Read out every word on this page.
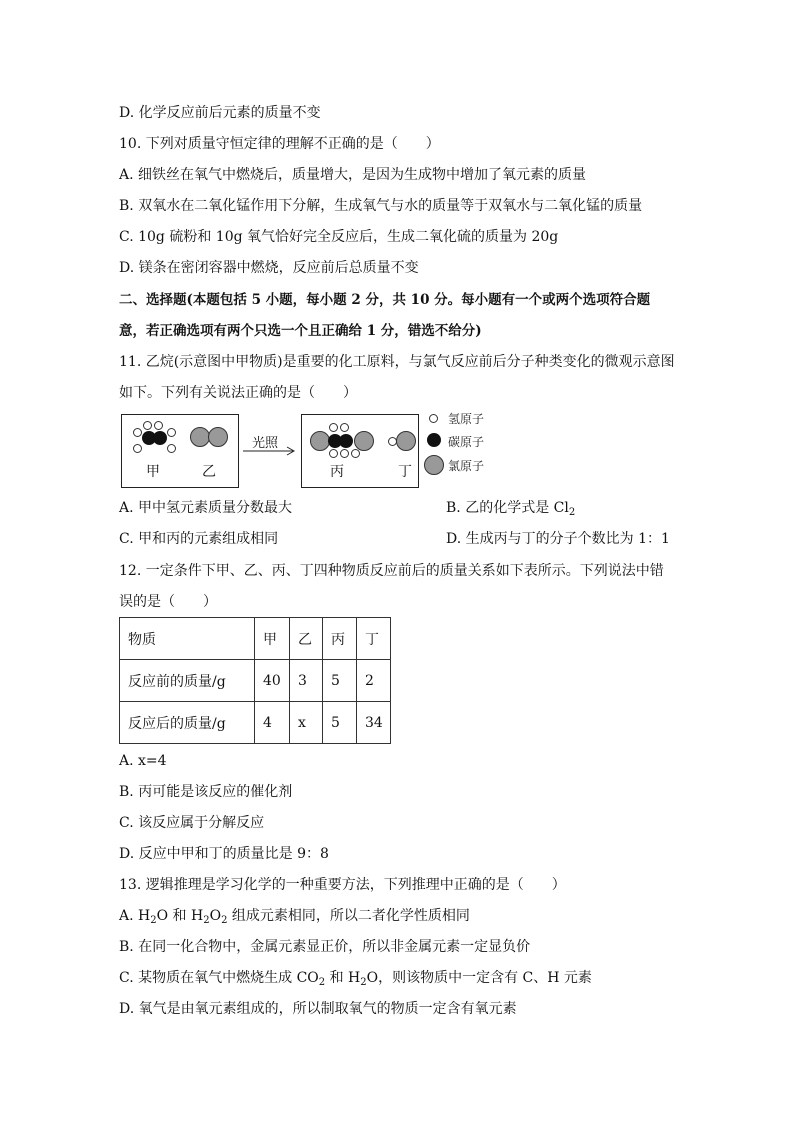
D. 化学反应前后元素的质量不变
10. 下列对质量守恒定律的理解不正确的是（　　）
A. 细铁丝在氧气中燃烧后，质量增大，是因为生成物中增加了氧元素的质量
B. 双氧水在二氧化锰作用下分解，生成氧气与水的质量等于双氧水与二氧化锰的质量
C. 10g 硫粉和 10g 氧气恰好完全反应后，生成二氧化硫的质量为 20g
D. 镁条在密闭容器中燃烧，反应前后总质量不变
二、选择题(本题包括 5 小题，每小题 2 分，共 10 分。每小题有一个或两个选项符合题
意，若正确选项有两个只选一个且正确给 1 分，错选不给分)
11. 乙烷(示意图中甲物质)是重要的化工原料，与氯气反应前后分子种类变化的微观示意图
如下。下列有关说法正确的是（　　）
甲	乙
光照
丙	丁
氢原子
碳原子
氯原子
A. 甲中氢元素质量分数最大	B. 乙的化学式是 $Cl_2$
C. 甲和丙的元素组成相同	D. 生成丙与丁的分子个数比为 1：1
12. 一定条件下甲、乙、丙、丁四种物质反应前后的质量关系如下表所示。下列说法中错
误的是（　　）
物质	甲	乙	丙	丁
反应前的质量/g	40	3	5	2
反应后的质量/g	4	x	5	34
A. x=4
B. 丙可能是该反应的催化剂
C. 该反应属于分解反应
D. 反应中甲和丁的质量比是 9：8
13. 逻辑推理是学习化学的一种重要方法，下列推理中正确的是（　　）
A. $H_2O$ 和 $H_2O_2$ 组成元素相同，所以二者化学性质相同
B. 在同一化合物中，金属元素显正价，所以非金属元素一定显负价
C. 某物质在氧气中燃烧生成 $CO_2$ 和 $H_2O$，则该物质中一定含有 C、H 元素
D. 氧气是由氧元素组成的，所以制取氧气的物质一定含有氧元素
